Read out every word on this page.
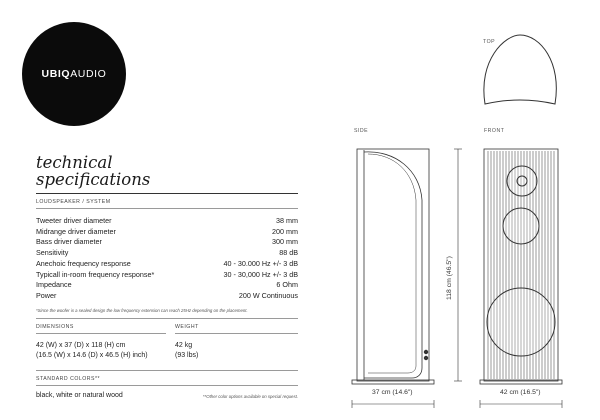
UBIQ AUDIO
technical
specifications
LOUDSPEAKER / SYSTEM
Tweeter driver diameter	38 mm
Midrange driver diameter	200 mm
Bass driver diameter	300 mm
Sensitivity	88 dB
Anechoic frequency response	40 - 30.000 Hz +/- 3 dB
Typicall in-room frequency response*	30 - 30,000 Hz +/- 3 dB
Impedance	6 Ohm
Power	200 W Continuous
*Since the woofer is a sealed design the low frequency extension can reach 25Hz depending on the placement.
DIMENSIONS	WEIGHT
42 (W) x 37 (D) x 118 (H) cm
(16.5 (W) x 14.6 (D) x 46.5 (H) inch)
42 kg
(93 lbs)
STANDARD COLORS**
black, white or natural wood	**Other color options available on special request.
TOP
SIDE	FRONT
118 cm (46.5")
37 cm (14.6")	42 cm (16.5")
